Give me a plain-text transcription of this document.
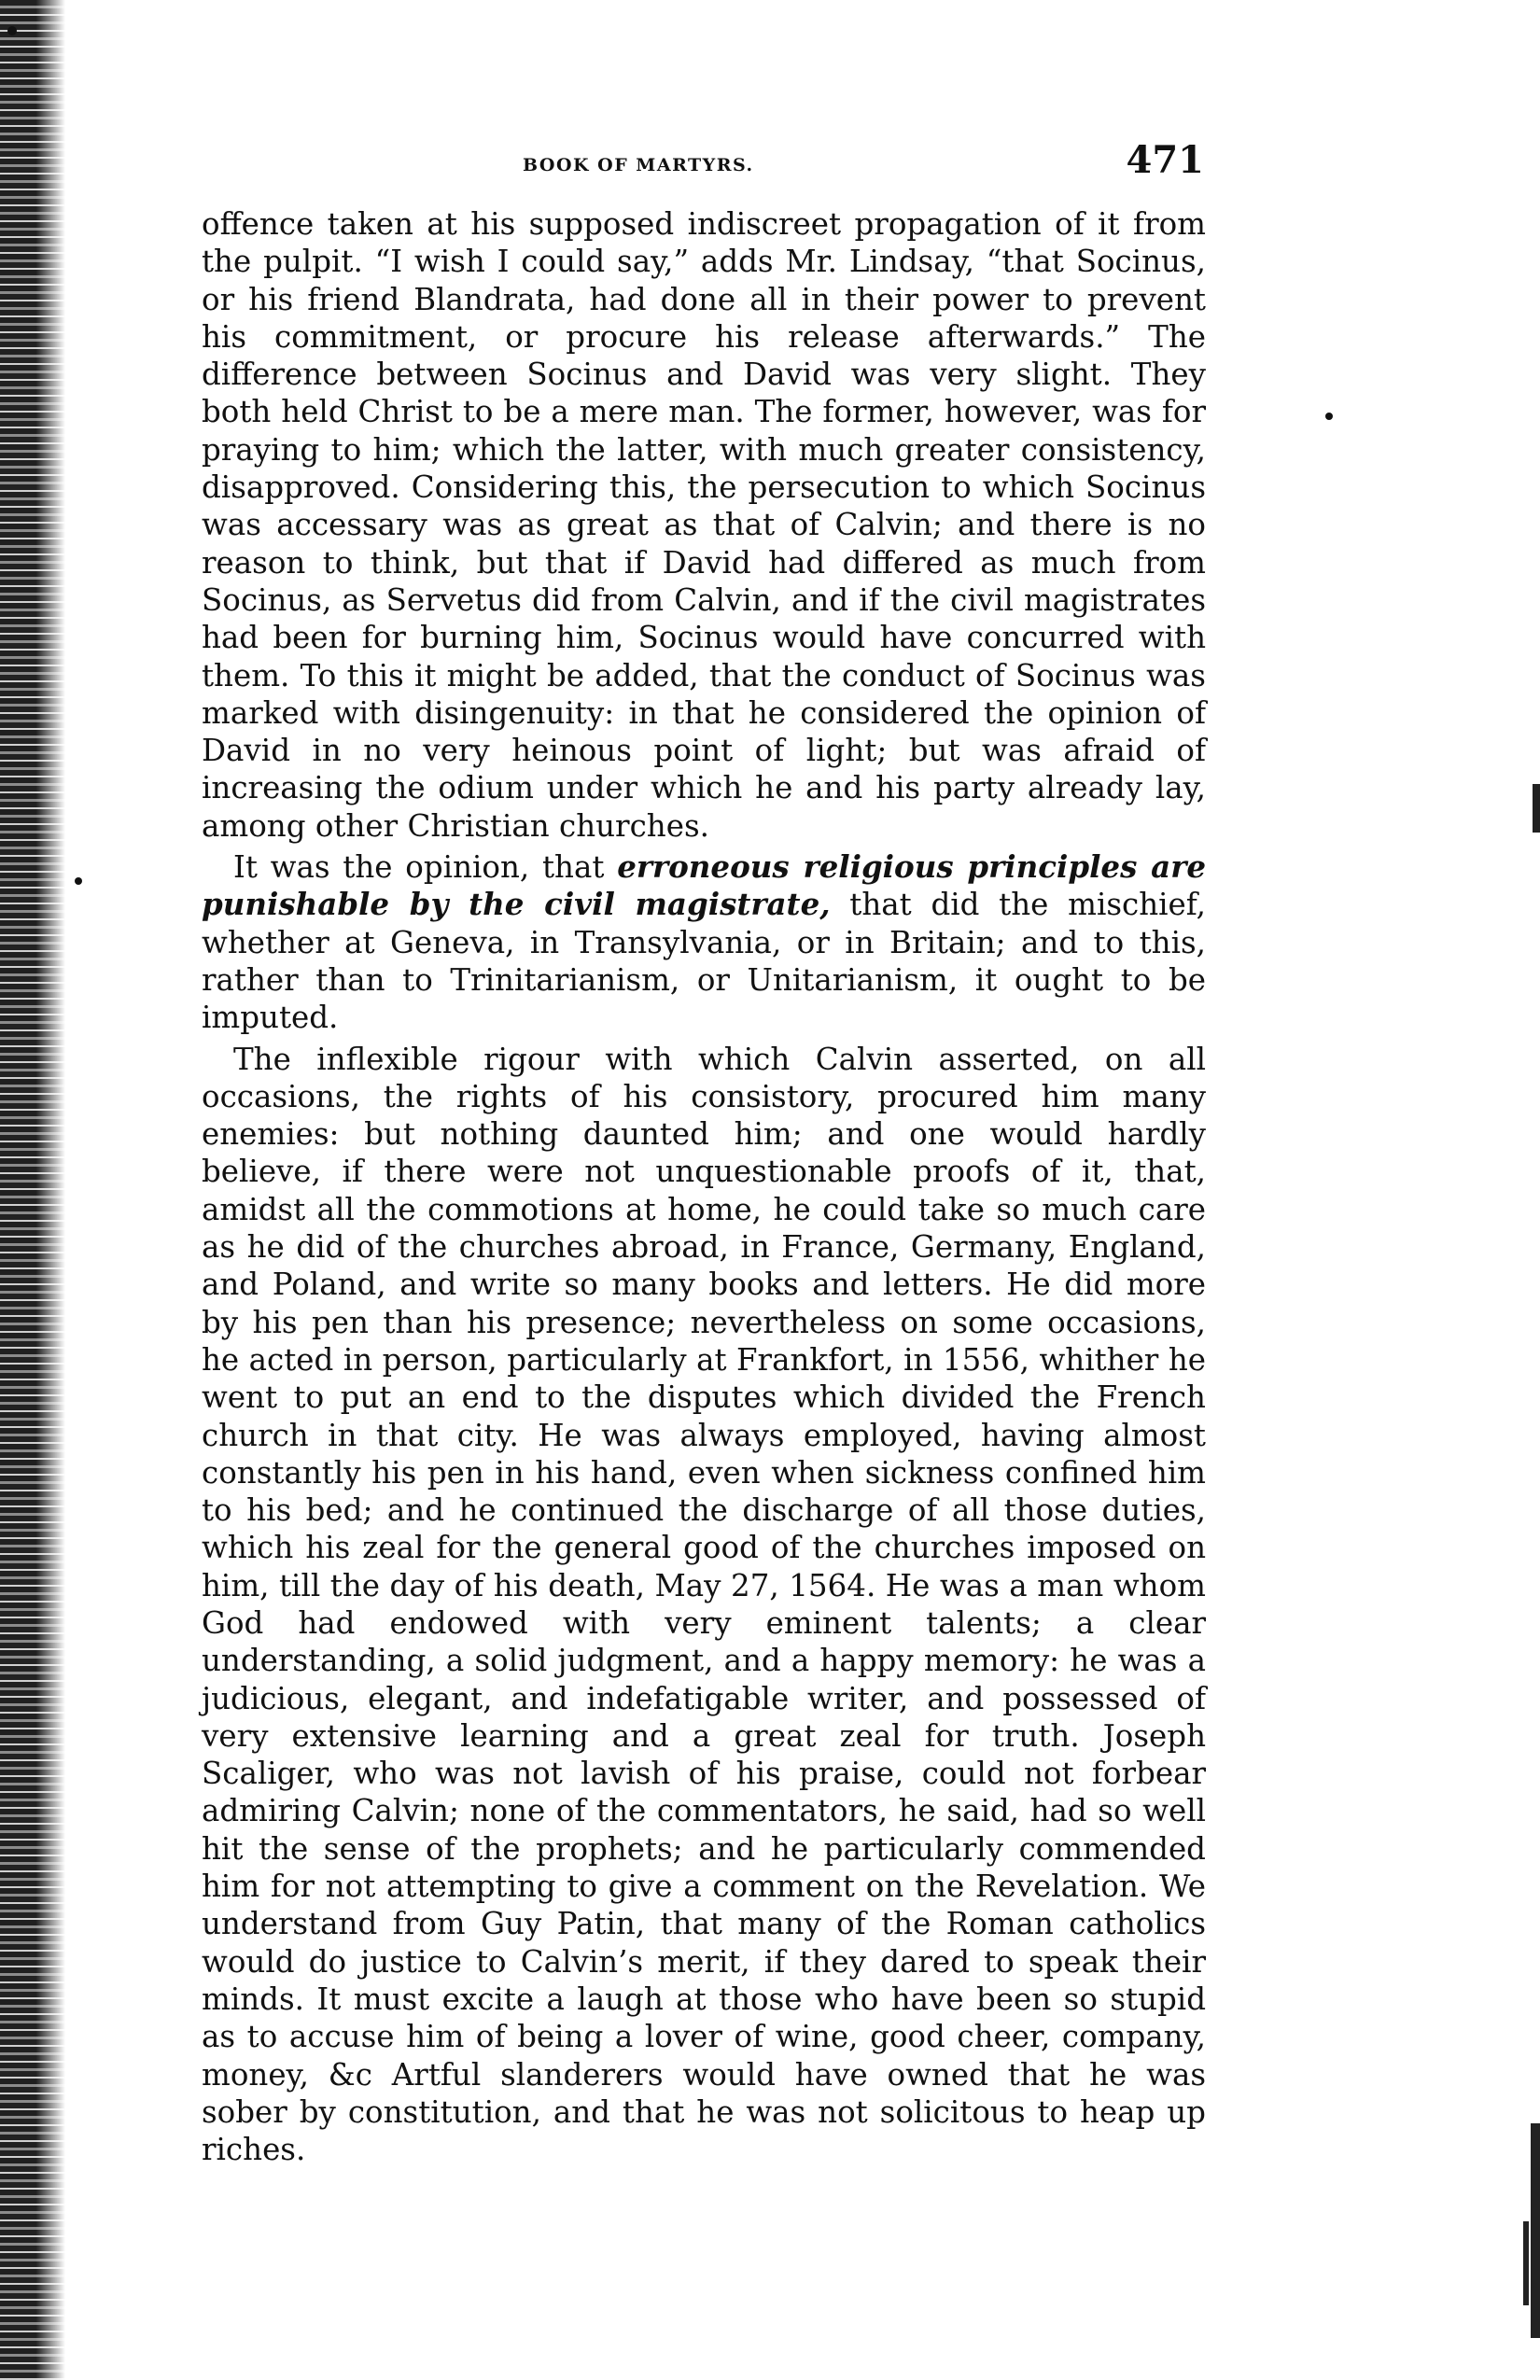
BOOK OF MARTYRS.	471

offence taken at his supposed indiscreet propagation of it from the pulpit. “I wish I could say,” adds Mr. Lindsay, “that Socinus, or his friend Blandrata, had done all in their power to prevent his commitment, or procure his release afterwards.” The difference between Socinus and David was very slight. They both held Christ to be a mere man. The former, however, was for praying to him; which the latter, with much greater consistency, disapproved. Considering this, the persecution to which Socinus was accessary was as great as that of Calvin; and there is no reason to think, but that if David had differed as much from Socinus, as Servetus did from Calvin, and if the civil magistrates had been for burning him, Socinus would have concurred with them. To this it might be added, that the conduct of Socinus was marked with disingenuity: in that he considered the opinion of David in no very heinous point of light; but was afraid of increasing the odium under which he and his party already lay, among other Christian churches.

It was the opinion, that erroneous religious principles are punishable by the civil magistrate, that did the mischief, whether at Geneva, in Transylvania, or in Britain; and to this, rather than to Trinitarianism, or Unitarianism, it ought to be imputed.

The inflexible rigour with which Calvin asserted, on all occasions, the rights of his consistory, procured him many enemies: but nothing daunted him; and one would hardly believe, if there were not unquestionable proofs of it, that, amidst all the commotions at home, he could take so much care as he did of the churches abroad, in France, Germany, England, and Poland, and write so many books and letters. He did more by his pen than his presence; nevertheless on some occasions, he acted in person, particularly at Frankfort, in 1556, whither he went to put an end to the disputes which divided the French church in that city. He was always employed, having almost constantly his pen in his hand, even when sickness confined him to his bed; and he continued the discharge of all those duties, which his zeal for the general good of the churches imposed on him, till the day of his death, May 27, 1564. He was a man whom God had endowed with very eminent talents; a clear understanding, a solid judgment, and a happy memory: he was a judicious, elegant, and indefatigable writer, and possessed of very extensive learning and a great zeal for truth. Joseph Scaliger, who was not lavish of his praise, could not forbear admiring Calvin; none of the commentators, he said, had so well hit the sense of the prophets; and he particularly commended him for not attempting to give a comment on the Revelation. We understand from Guy Patin, that many of the Roman catholics would do justice to Calvin’s merit, if they dared to speak their minds. It must excite a laugh at those who have been so stupid as to accuse him of being a lover of wine, good cheer, company, money, &c Artful slanderers would have owned that he was sober by constitution, and that he was not solicitous to heap up riches.
